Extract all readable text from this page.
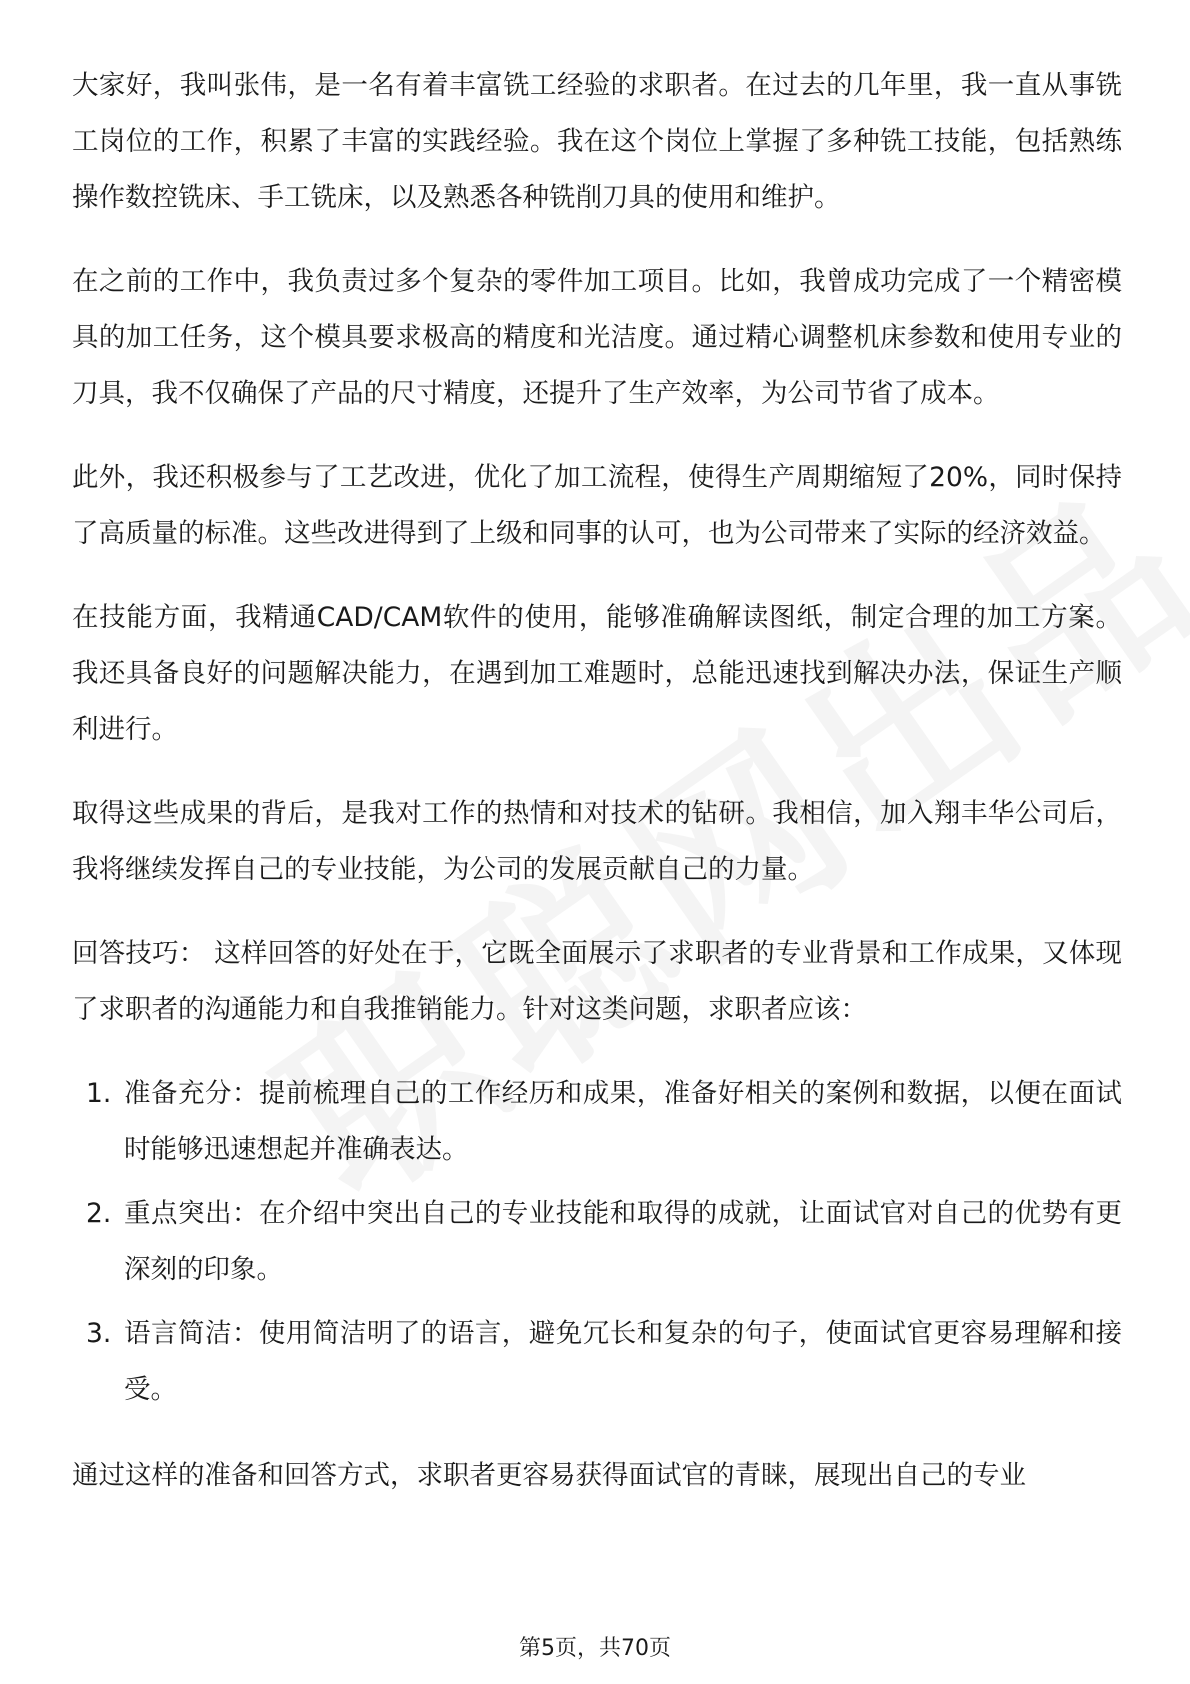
大家好，我叫张伟，是一名有着丰富铣工经验的求职者。在过去的几年里，我一直从事铣工岗位的工作，积累了丰富的实践经验。我在这个岗位上掌握了多种铣工技能，包括熟练操作数控铣床、手工铣床，以及熟悉各种铣削刀具的使用和维护。

在之前的工作中，我负责过多个复杂的零件加工项目。比如，我曾成功完成了一个精密模具的加工任务，这个模具要求极高的精度和光洁度。通过精心调整机床参数和使用专业的刀具，我不仅确保了产品的尺寸精度，还提升了生产效率，为公司节省了成本。

此外，我还积极参与了工艺改进，优化了加工流程，使得生产周期缩短了20%，同时保持了高质量的标准。这些改进得到了上级和同事的认可，也为公司带来了实际的经济效益。

在技能方面，我精通CAD/CAM软件的使用，能够准确解读图纸，制定合理的加工方案。我还具备良好的问题解决能力，在遇到加工难题时，总能迅速找到解决办法，保证生产顺利进行。

取得这些成果的背后，是我对工作的热情和对技术的钻研。我相信，加入翔丰华公司后，我将继续发挥自己的专业技能，为公司的发展贡献自己的力量。

回答技巧： 这样回答的好处在于，它既全面展示了求职者的专业背景和工作成果，又体现了求职者的沟通能力和自我推销能力。针对这类问题，求职者应该：

1. 准备充分：提前梳理自己的工作经历和成果，准备好相关的案例和数据，以便在面试时能够迅速想起并准确表达。
2. 重点突出：在介绍中突出自己的专业技能和取得的成就，让面试官对自己的优势有更深刻的印象。
3. 语言简洁：使用简洁明了的语言，避免冗长和复杂的句子，使面试官更容易理解和接受。

通过这样的准备和回答方式，求职者更容易获得面试官的青睐，展现出自己的专业

第5页，共70页
